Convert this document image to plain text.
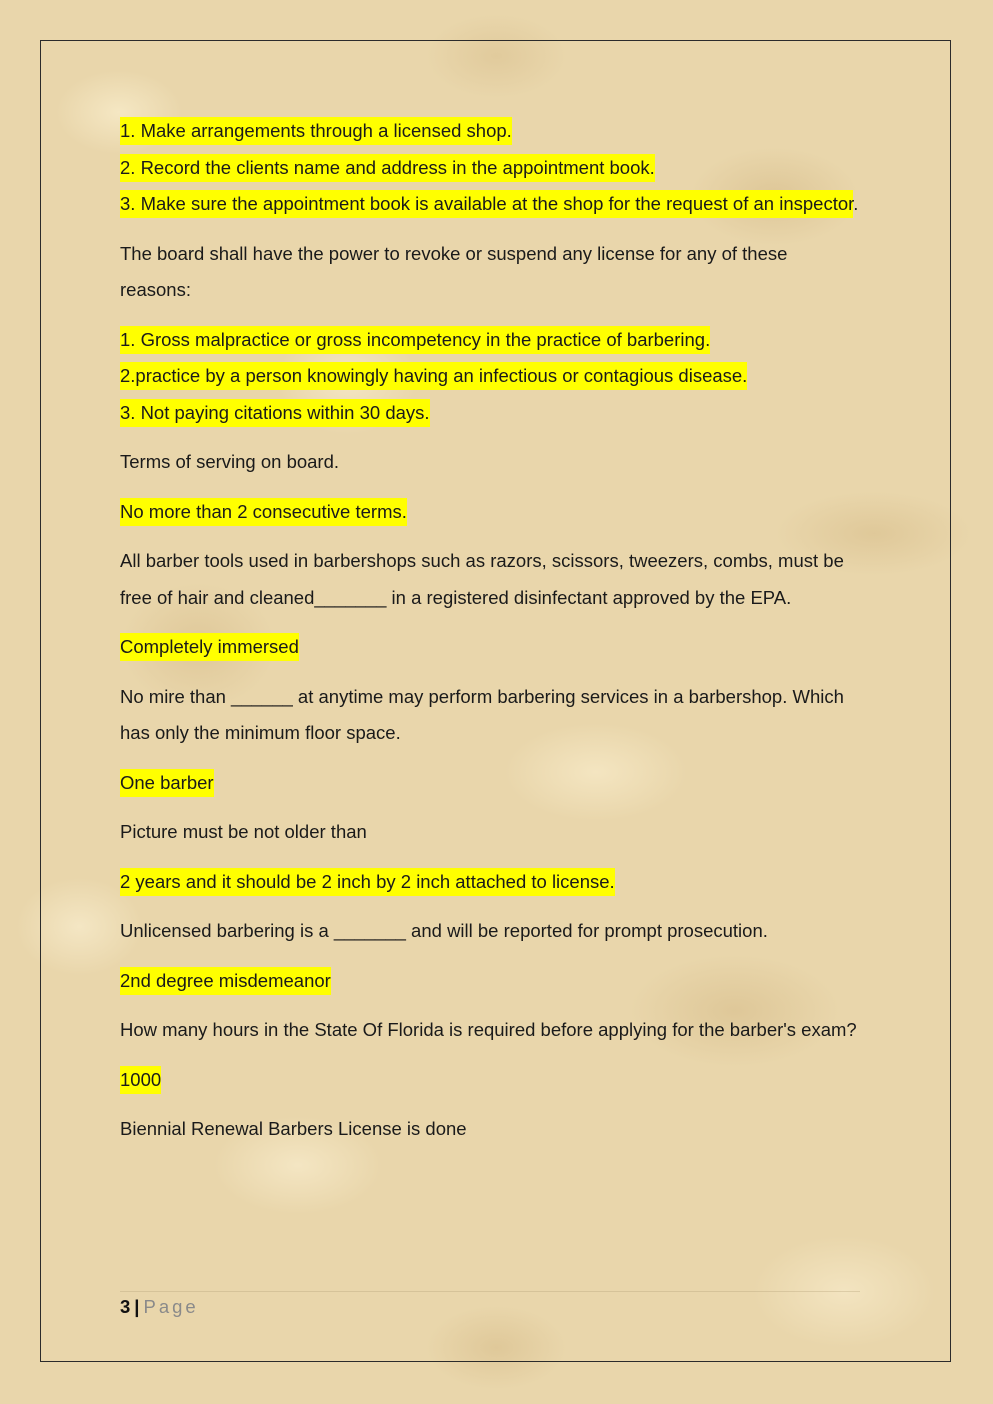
1. Make arrangements through a licensed shop.

2. Record the clients name and address in the appointment book.

3. Make sure the appointment book is available at the shop for the request of an inspector.

The board shall have the power to revoke or suspend any license for any of these reasons:

1. Gross malpractice or gross incompetency in the practice of barbering.

2.practice by a person knowingly having an infectious or contagious disease.

3. Not paying citations within 30 days.

Terms of serving on board.

No more than 2 consecutive terms.

All barber tools used in barbershops such as razors, scissors, tweezers, combs, must be free of hair and cleaned_______ in a registered disinfectant approved by the EPA.

Completely immersed

No mire than ______ at anytime may perform barbering services in a barbershop. Which has only the minimum floor space.

One barber

Picture must be not older than

2 years and it should be 2 inch by 2 inch attached to license.

Unlicensed barbering is a _______ and will be reported for prompt prosecution.

2nd degree misdemeanor

How many hours in the State Of Florida is required before applying for the barber's exam?

1000

Biennial Renewal Barbers License is done

3 | Page
